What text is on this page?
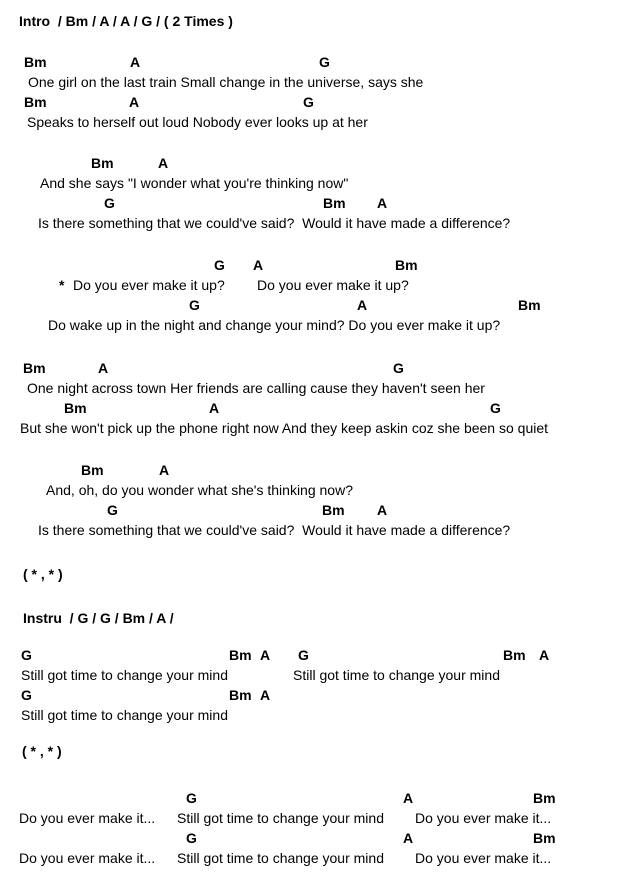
Intro  / Bm / A / A / G / ( 2 Times )
Bm	A	G
One girl on the last train Small change in the universe, says she
Bm	A	G
Speaks to herself out loud Nobody ever looks up at her
Bm	A
And she says "I wonder what you're thinking now"
G	Bm A
Is there something that we could've said?  Would it have made a difference?
G A	Bm
* Do you ever make it up? Do you ever make it up?
G	A	Bm
Do wake up in the night and change your mind? Do you ever make it up?
Bm	A	G
One night across town Her friends are calling cause they haven't seen her
Bm	A	G
But she won't pick up the phone right now And they keep askin coz she been so quiet
Bm	A
And, oh, do you wonder what she's thinking now?
G	Bm A
Is there something that we could've said?  Would it have made a difference?
( * , * )
Instru  / G / G / Bm / A /
G	Bm A G	Bm A
Still got time to change your mind	Still got time to change your mind
G	Bm A
Still got time to change your mind
( * , * )
G	A	Bm
Do you ever make it... Still got time to change your mind Do you ever make it...
G	A	Bm
Do you ever make it... Still got time to change your mind Do you ever make it...
